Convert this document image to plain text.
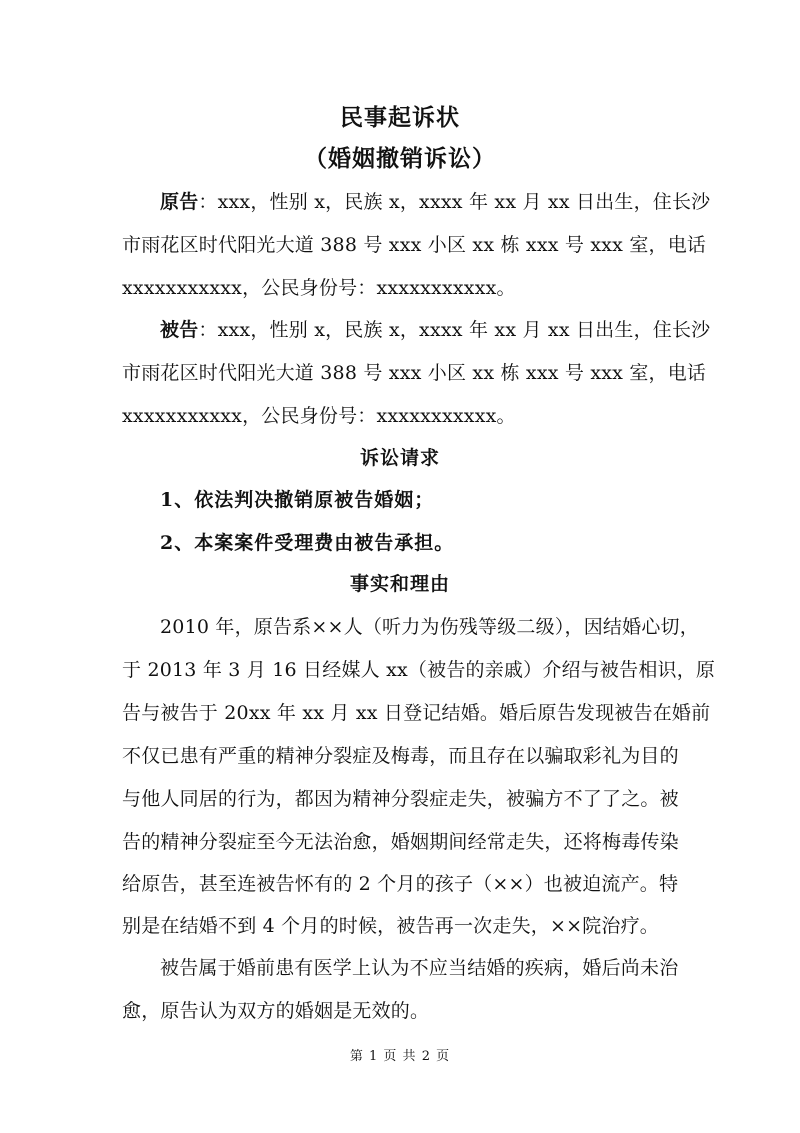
民事起诉状
（婚姻撤销诉讼）
原告：xxx，性别 x，民族 x，xxxx 年 xx 月 xx 日出生，住长沙
市雨花区时代阳光大道 388 号 xxx 小区 xx 栋 xxx 号 xxx 室，电话
xxxxxxxxxxx，公民身份号：xxxxxxxxxxx。
被告：xxx，性别 x，民族 x，xxxx 年 xx 月 xx 日出生，住长沙
市雨花区时代阳光大道 388 号 xxx 小区 xx 栋 xxx 号 xxx 室，电话
xxxxxxxxxxx，公民身份号：xxxxxxxxxxx。
诉讼请求
1、依法判决撤销原被告婚姻；
2、本案案件受理费由被告承担。
事实和理由
2010 年，原告系××人（听力为伤残等级二级），因结婚心切，
于 2013 年 3 月 16 日经媒人 xx（被告的亲戚）介绍与被告相识，原
告与被告于 20xx 年 xx 月 xx 日登记结婚。婚后原告发现被告在婚前
不仅已患有严重的精神分裂症及梅毒，而且存在以骗取彩礼为目的
与他人同居的行为，都因为精神分裂症走失，被骗方不了了之。被
告的精神分裂症至今无法治愈，婚姻期间经常走失，还将梅毒传染
给原告，甚至连被告怀有的 2 个月的孩子（××）也被迫流产。特
别是在结婚不到 4 个月的时候，被告再一次走失，××院治疗。
被告属于婚前患有医学上认为不应当结婚的疾病，婚后尚未治
愈，原告认为双方的婚姻是无效的。
第 1 页 共 2 页
